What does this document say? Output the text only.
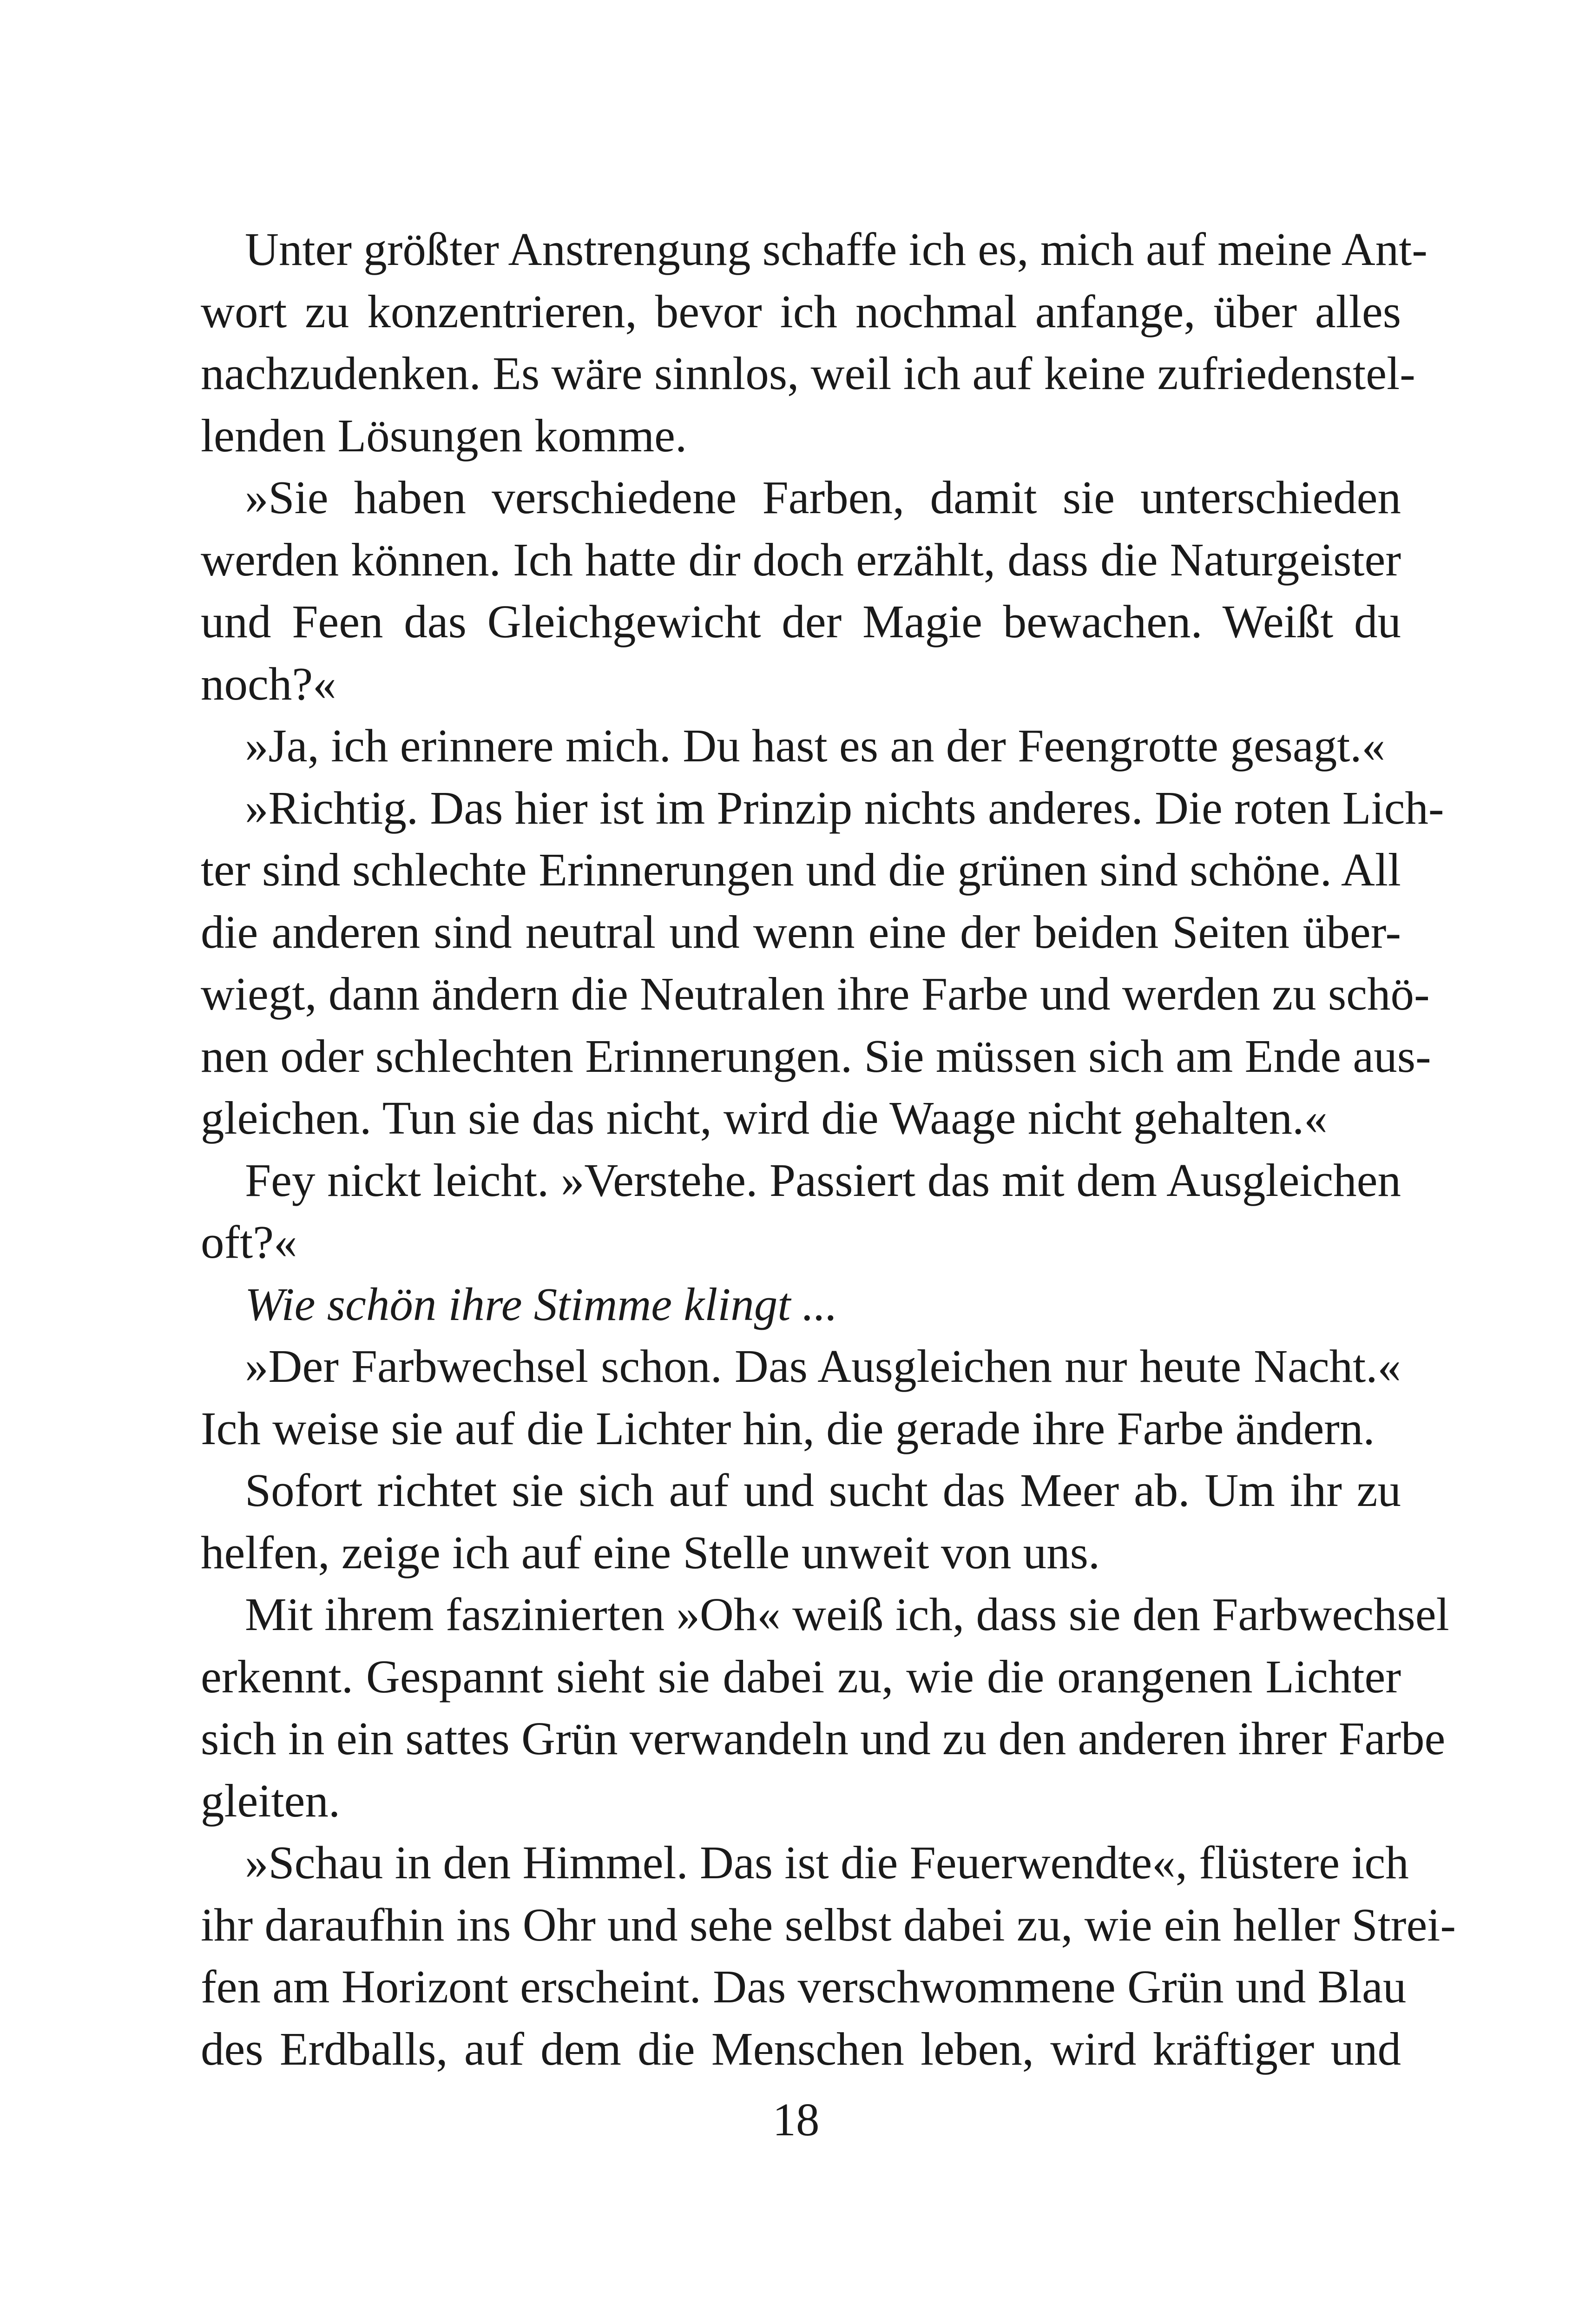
Unter größter Anstrengung schaffe ich es, mich auf meine Ant-
wort zu konzentrieren, bevor ich nochmal anfange, über alles
nachzudenken. Es wäre sinnlos, weil ich auf keine zufriedenstel-
lenden Lösungen komme.
»Sie haben verschiedene Farben, damit sie unterschieden
werden können. Ich hatte dir doch erzählt, dass die Naturgeister
und Feen das Gleichgewicht der Magie bewachen. Weißt du
noch?«
»Ja, ich erinnere mich. Du hast es an der Feengrotte gesagt.«
»Richtig. Das hier ist im Prinzip nichts anderes. Die roten Lich-
ter sind schlechte Erinnerungen und die grünen sind schöne. All
die anderen sind neutral und wenn eine der beiden Seiten über-
wiegt, dann ändern die Neutralen ihre Farbe und werden zu schö-
nen oder schlechten Erinnerungen. Sie müssen sich am Ende aus-
gleichen. Tun sie das nicht, wird die Waage nicht gehalten.«
Fey nickt leicht. »Verstehe. Passiert das mit dem Ausgleichen
oft?«
Wie schön ihre Stimme klingt ...
»Der Farbwechsel schon. Das Ausgleichen nur heute Nacht.«
Ich weise sie auf die Lichter hin, die gerade ihre Farbe ändern.
Sofort richtet sie sich auf und sucht das Meer ab. Um ihr zu
helfen, zeige ich auf eine Stelle unweit von uns.
Mit ihrem faszinierten »Oh« weiß ich, dass sie den Farbwechsel
erkennt. Gespannt sieht sie dabei zu, wie die orangenen Lichter
sich in ein sattes Grün verwandeln und zu den anderen ihrer Farbe
gleiten.
»Schau in den Himmel. Das ist die Feuerwendte«, flüstere ich
ihr daraufhin ins Ohr und sehe selbst dabei zu, wie ein heller Strei-
fen am Horizont erscheint. Das verschwommene Grün und Blau
des Erdballs, auf dem die Menschen leben, wird kräftiger und
18
